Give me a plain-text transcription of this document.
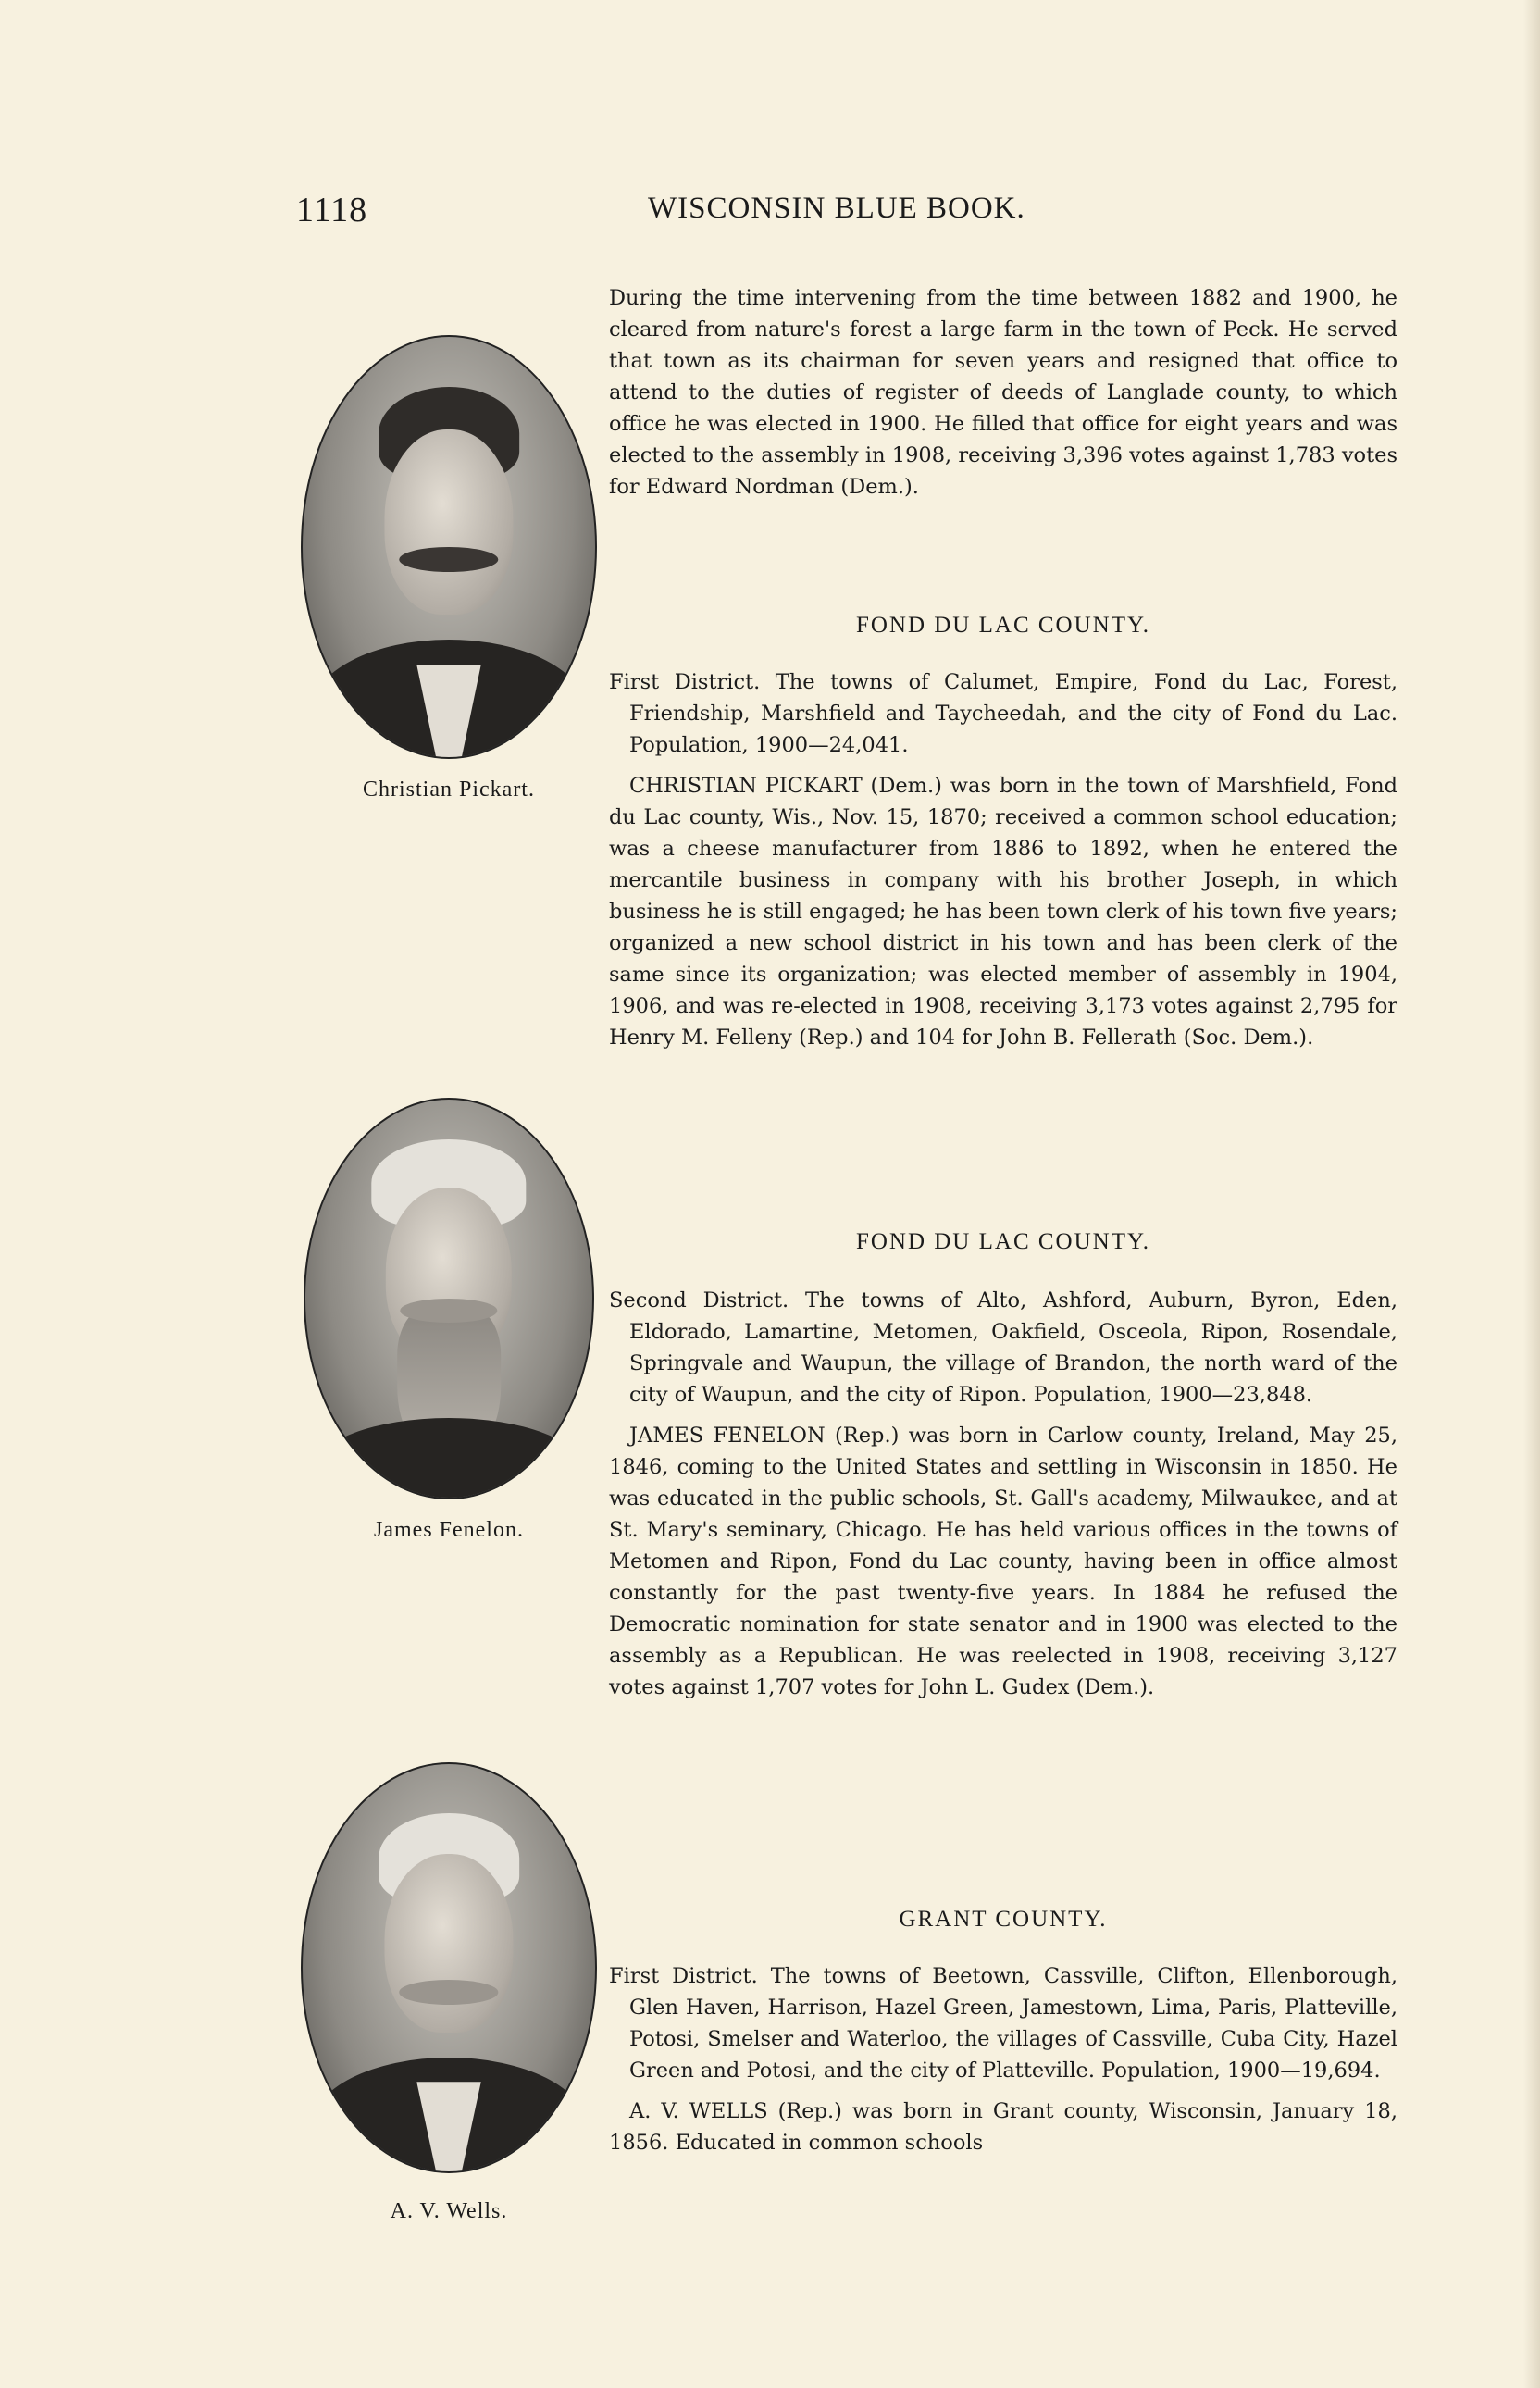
1118	WISCONSIN BLUE BOOK.
Christian Pickart.
James Fenelon.
A. V. Wells.

During the time intervening from the time between 1882 and 1900, he cleared from nature's forest a large farm in the town of Peck. He served that town as its chairman for seven years and resigned that office to attend to the duties of register of deeds of Langlade county, to which office he was elected in 1900. He filled that office for eight years and was elected to the assembly in 1908, receiving 3,396 votes against 1,783 votes for Edward Nordman (Dem.).

FOND DU LAC COUNTY.

First District. The towns of Calumet, Empire, Fond du Lac, Forest, Friendship, Marshfield and Taycheedah, and the city of Fond du Lac. Population, 1900—24,041.

CHRISTIAN PICKART (Dem.) was born in the town of Marshfield, Fond du Lac county, Wis., Nov. 15, 1870; received a common school education; was a cheese manufacturer from 1886 to 1892, when he entered the mercantile business in company with his brother Joseph, in which business he is still engaged; he has been town clerk of his town five years; organized a new school district in his town and has been clerk of the same since its organization; was elected member of assembly in 1904, 1906, and was re-elected in 1908, receiving 3,173 votes against 2,795 for Henry M. Felleny (Rep.) and 104 for John B. Fellerath (Soc. Dem.).

FOND DU LAC COUNTY.

Second District. The towns of Alto, Ashford, Auburn, Byron, Eden, Eldorado, Lamartine, Metomen, Oakfield, Osceola, Ripon, Rosendale, Springvale and Waupun, the village of Brandon, the north ward of the city of Waupun, and the city of Ripon. Population, 1900—23,848.

JAMES FENELON (Rep.) was born in Carlow county, Ireland, May 25, 1846, coming to the United States and settling in Wisconsin in 1850. He was educated in the public schools, St. Gall's academy, Milwaukee, and at St. Mary's seminary, Chicago. He has held various offices in the towns of Metomen and Ripon, Fond du Lac county, having been in office almost constantly for the past twenty-five years. In 1884 he refused the Democratic nomination for state senator and in 1900 was elected to the assembly as a Republican. He was reelected in 1908, receiving 3,127 votes against 1,707 votes for John L. Gudex (Dem.).

GRANT COUNTY.

First District. The towns of Beetown, Cassville, Clifton, Ellenborough, Glen Haven, Harrison, Hazel Green, Jamestown, Lima, Paris, Platteville, Potosi, Smelser and Waterloo, the villages of Cassville, Cuba City, Hazel Green and Potosi, and the city of Platteville. Population, 1900—19,694.

A. V. WELLS (Rep.) was born in Grant county, Wisconsin, January 18, 1856. Educated in common schools
